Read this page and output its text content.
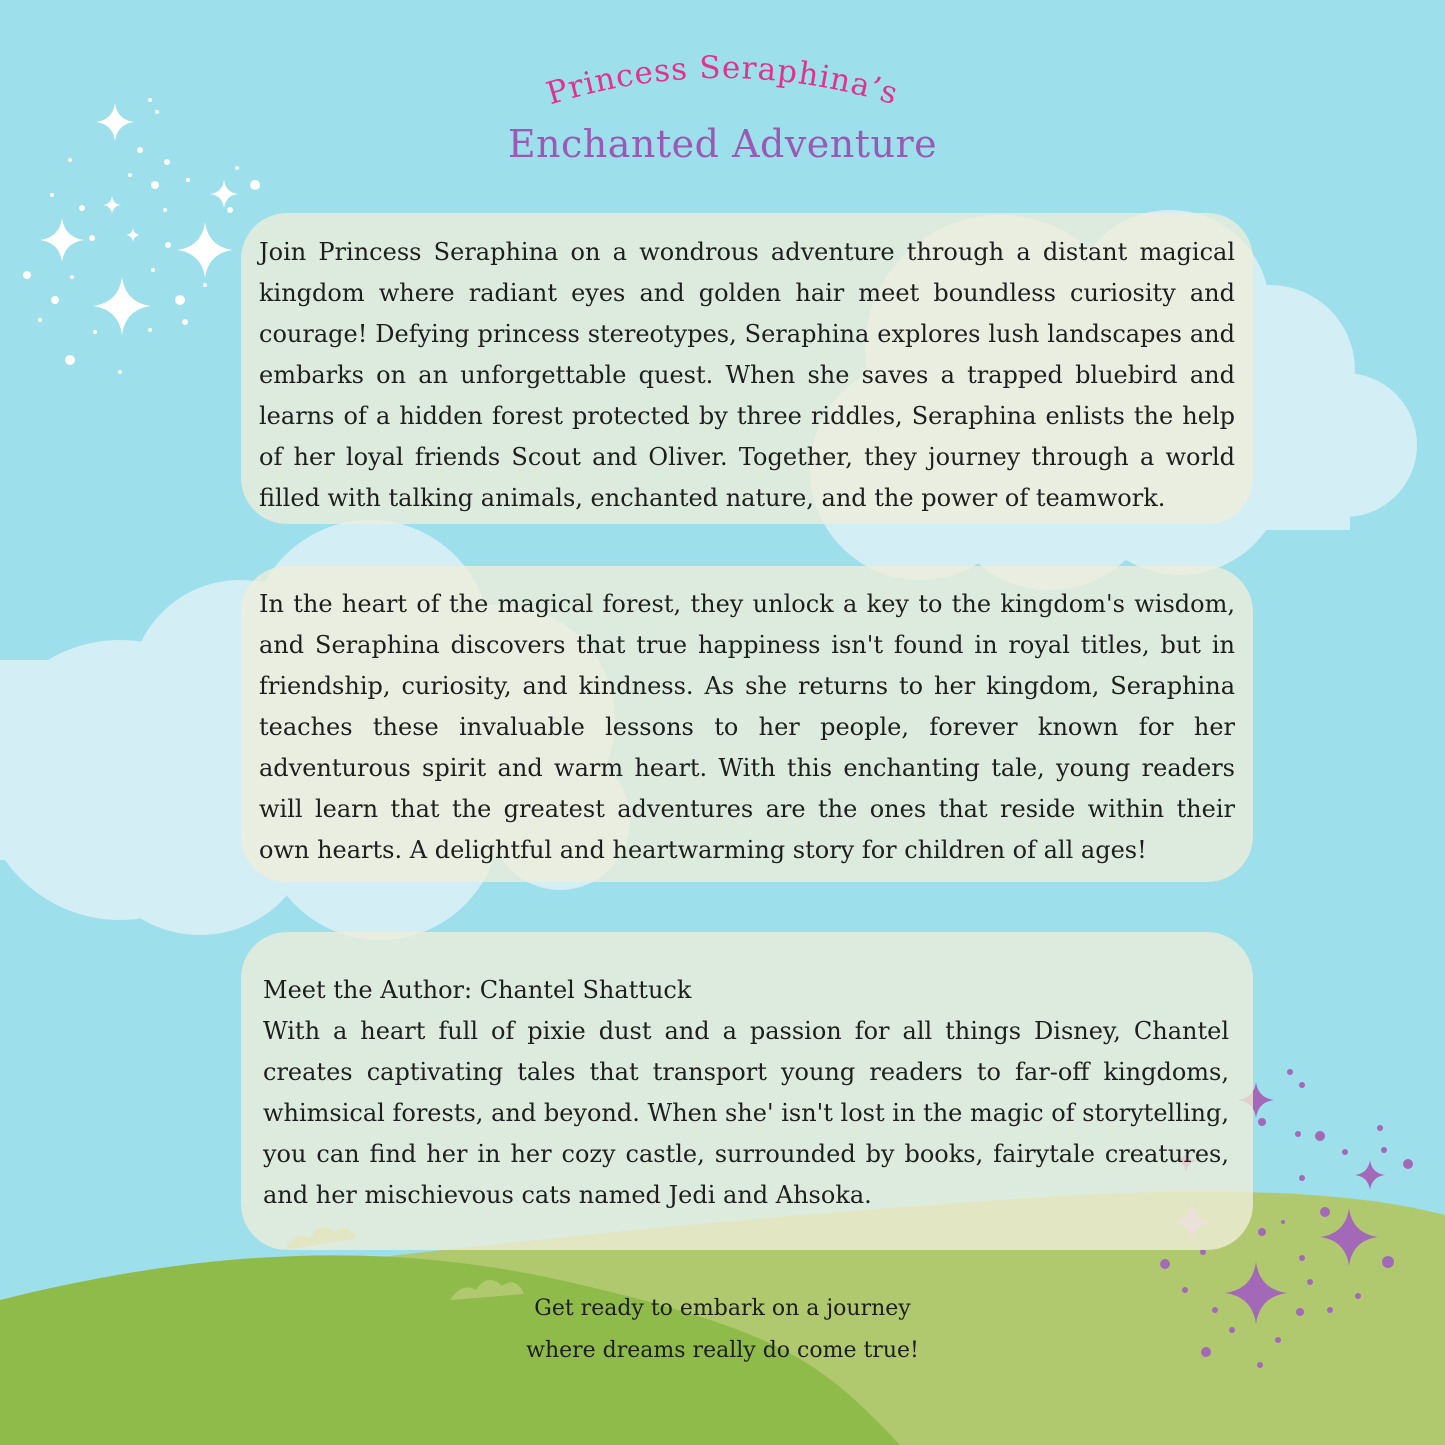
Princess Seraphina’s
Enchanted Adventure

Join Princess Seraphina on a wondrous adventure through a distant magical kingdom where radiant eyes and golden hair meet boundless curiosity and courage! Defying princess stereotypes, Seraphina explores lush landscapes and embarks on an unforgettable quest. When she saves a trapped bluebird and learns of a hidden forest protected by three riddles, Seraphina enlists the help of her loyal friends Scout and Oliver. Together, they journey through a world filled with talking animals, enchanted nature, and the power of teamwork.

In the heart of the magical forest, they unlock a key to the kingdom's wisdom, and Seraphina discovers that true happiness isn't found in royal titles, but in friendship, curiosity, and kindness. As she returns to her kingdom, Seraphina teaches these invaluable lessons to her people, forever known for her adventurous spirit and warm heart. With this enchanting tale, young readers will learn that the greatest adventures are the ones that reside within their own hearts. A delightful and heartwarming story for children of all ages!

Meet the Author: Chantel Shattuck

With a heart full of pixie dust and a passion for all things Disney, Chantel creates captivating tales that transport young readers to far-off kingdoms, whimsical forests, and beyond. When she' isn't lost in the magic of storytelling, you can find her in her cozy castle, surrounded by books, fairytale creatures, and her mischievous cats named Jedi and Ahsoka.

Get ready to embark on a journey
where dreams really do come true!
